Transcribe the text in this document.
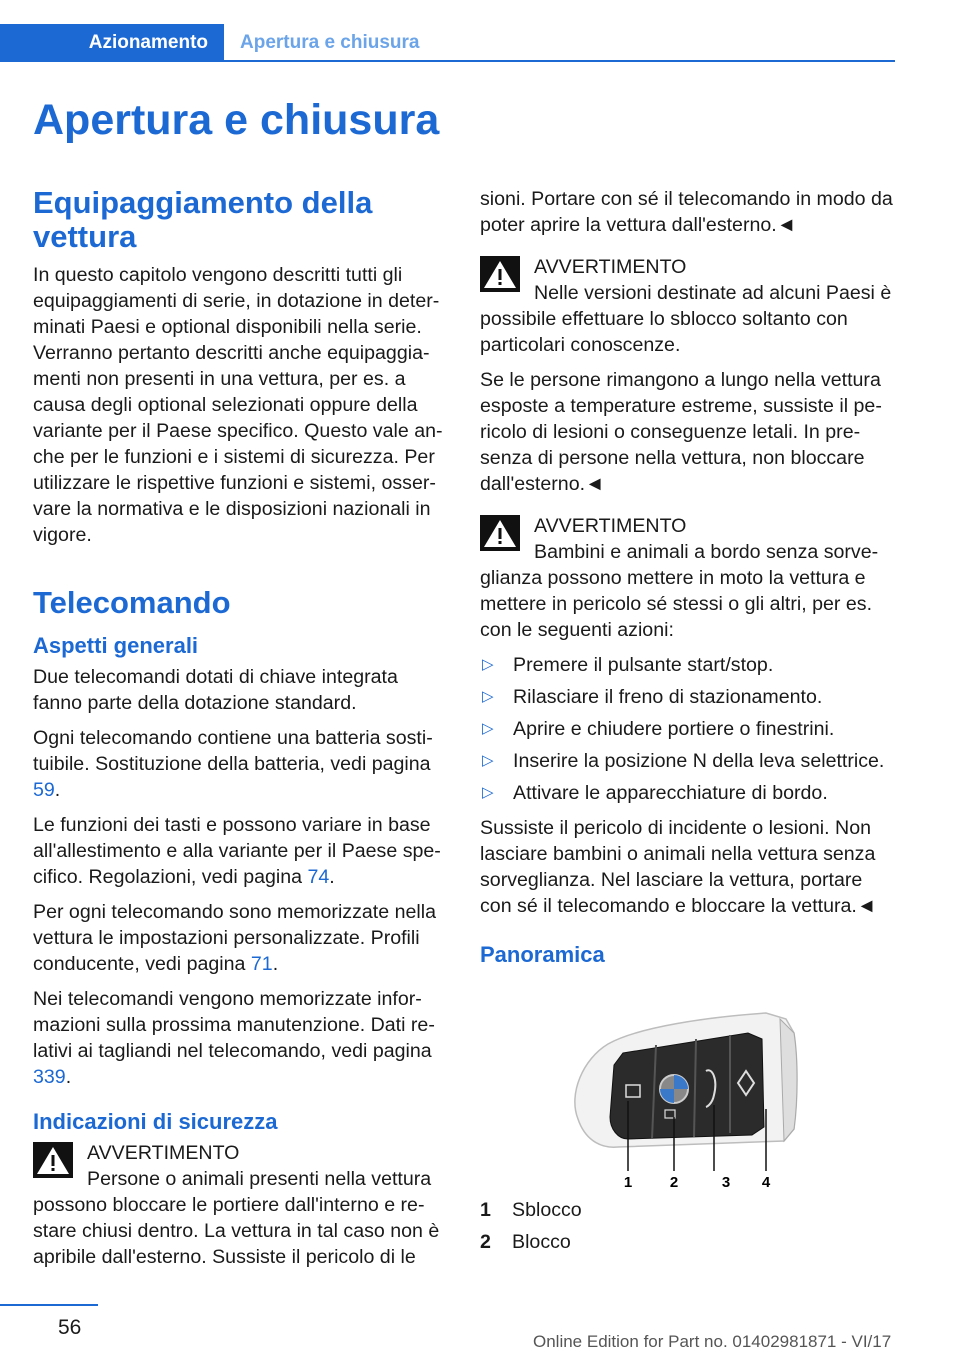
Azionamento	Apertura e chiusura
Apertura e chiusura
Equipaggiamento della vettura

In questo capitolo vengono descritti tutti gli equipaggiamenti di serie, in dotazione in determinati Paesi e optional disponibili nella serie. Verranno pertanto descritti anche equipaggiamenti non presenti in una vettura, per es. a causa degli optional selezionati oppure della variante per il Paese specifico. Questo vale anche per le funzioni e i sistemi di sicurezza. Per utilizzare le rispettive funzioni e sistemi, osservare la normativa e le disposizioni nazionali in vigore.

Telecomando
Aspetti generali

Due telecomandi dotati di chiave integrata fanno parte della dotazione standard.

Ogni telecomando contiene una batteria sostituibile. Sostituzione della batteria, vedi pagina 59.

Le funzioni dei tasti e possono variare in base all'allestimento e alla variante per il Paese specifico. Regolazioni, vedi pagina 74.

Per ogni telecomando sono memorizzate nella vettura le impostazioni personalizzate. Profili conducente, vedi pagina 71.

Nei telecomandi vengono memorizzate informazioni sulla prossima manutenzione. Dati relativi ai tagliandi nel telecomando, vedi pagina 339.

Indicazioni di sicurezza
AVVERTIMENTO
Persone o animali presenti nella vettura possono bloccare le portiere dall'interno e restare chiusi dentro. La vettura in tal caso non è apribile dall'esterno. Sussiste il pericolo di le

sioni. Portare con sé il telecomando in modo da poter aprire la vettura dall'esterno.◄

AVVERTIMENTO
Nelle versioni destinate ad alcuni Paesi è possibile effettuare lo sblocco soltanto con particolari conoscenze.

Se le persone rimangono a lungo nella vettura esposte a temperature estreme, sussiste il pericolo di lesioni o conseguenze letali. In presenza di persone nella vettura, non bloccare dall'esterno.◄

AVVERTIMENTO
Bambini e animali a bordo senza sorveglianza possono mettere in moto la vettura e mettere in pericolo sé stessi o gli altri, per es. con le seguenti azioni:
▷ Premere il pulsante start/stop.
▷ Rilasciare il freno di stazionamento.
▷ Aprire e chiudere portiere o finestrini.
▷ Inserire la posizione N della leva selettrice.
▷ Attivare le apparecchiature di bordo.

Sussiste il pericolo di incidente o lesioni. Non lasciare bambini o animali nella vettura senza sorveglianza. Nel lasciare la vettura, portare con sé il telecomando e bloccare la vettura.◄

Panoramica
1	2	3 4
1	Sblocco
2	Blocco
56
Online Edition for Part no. 01402981871 - VI/17
